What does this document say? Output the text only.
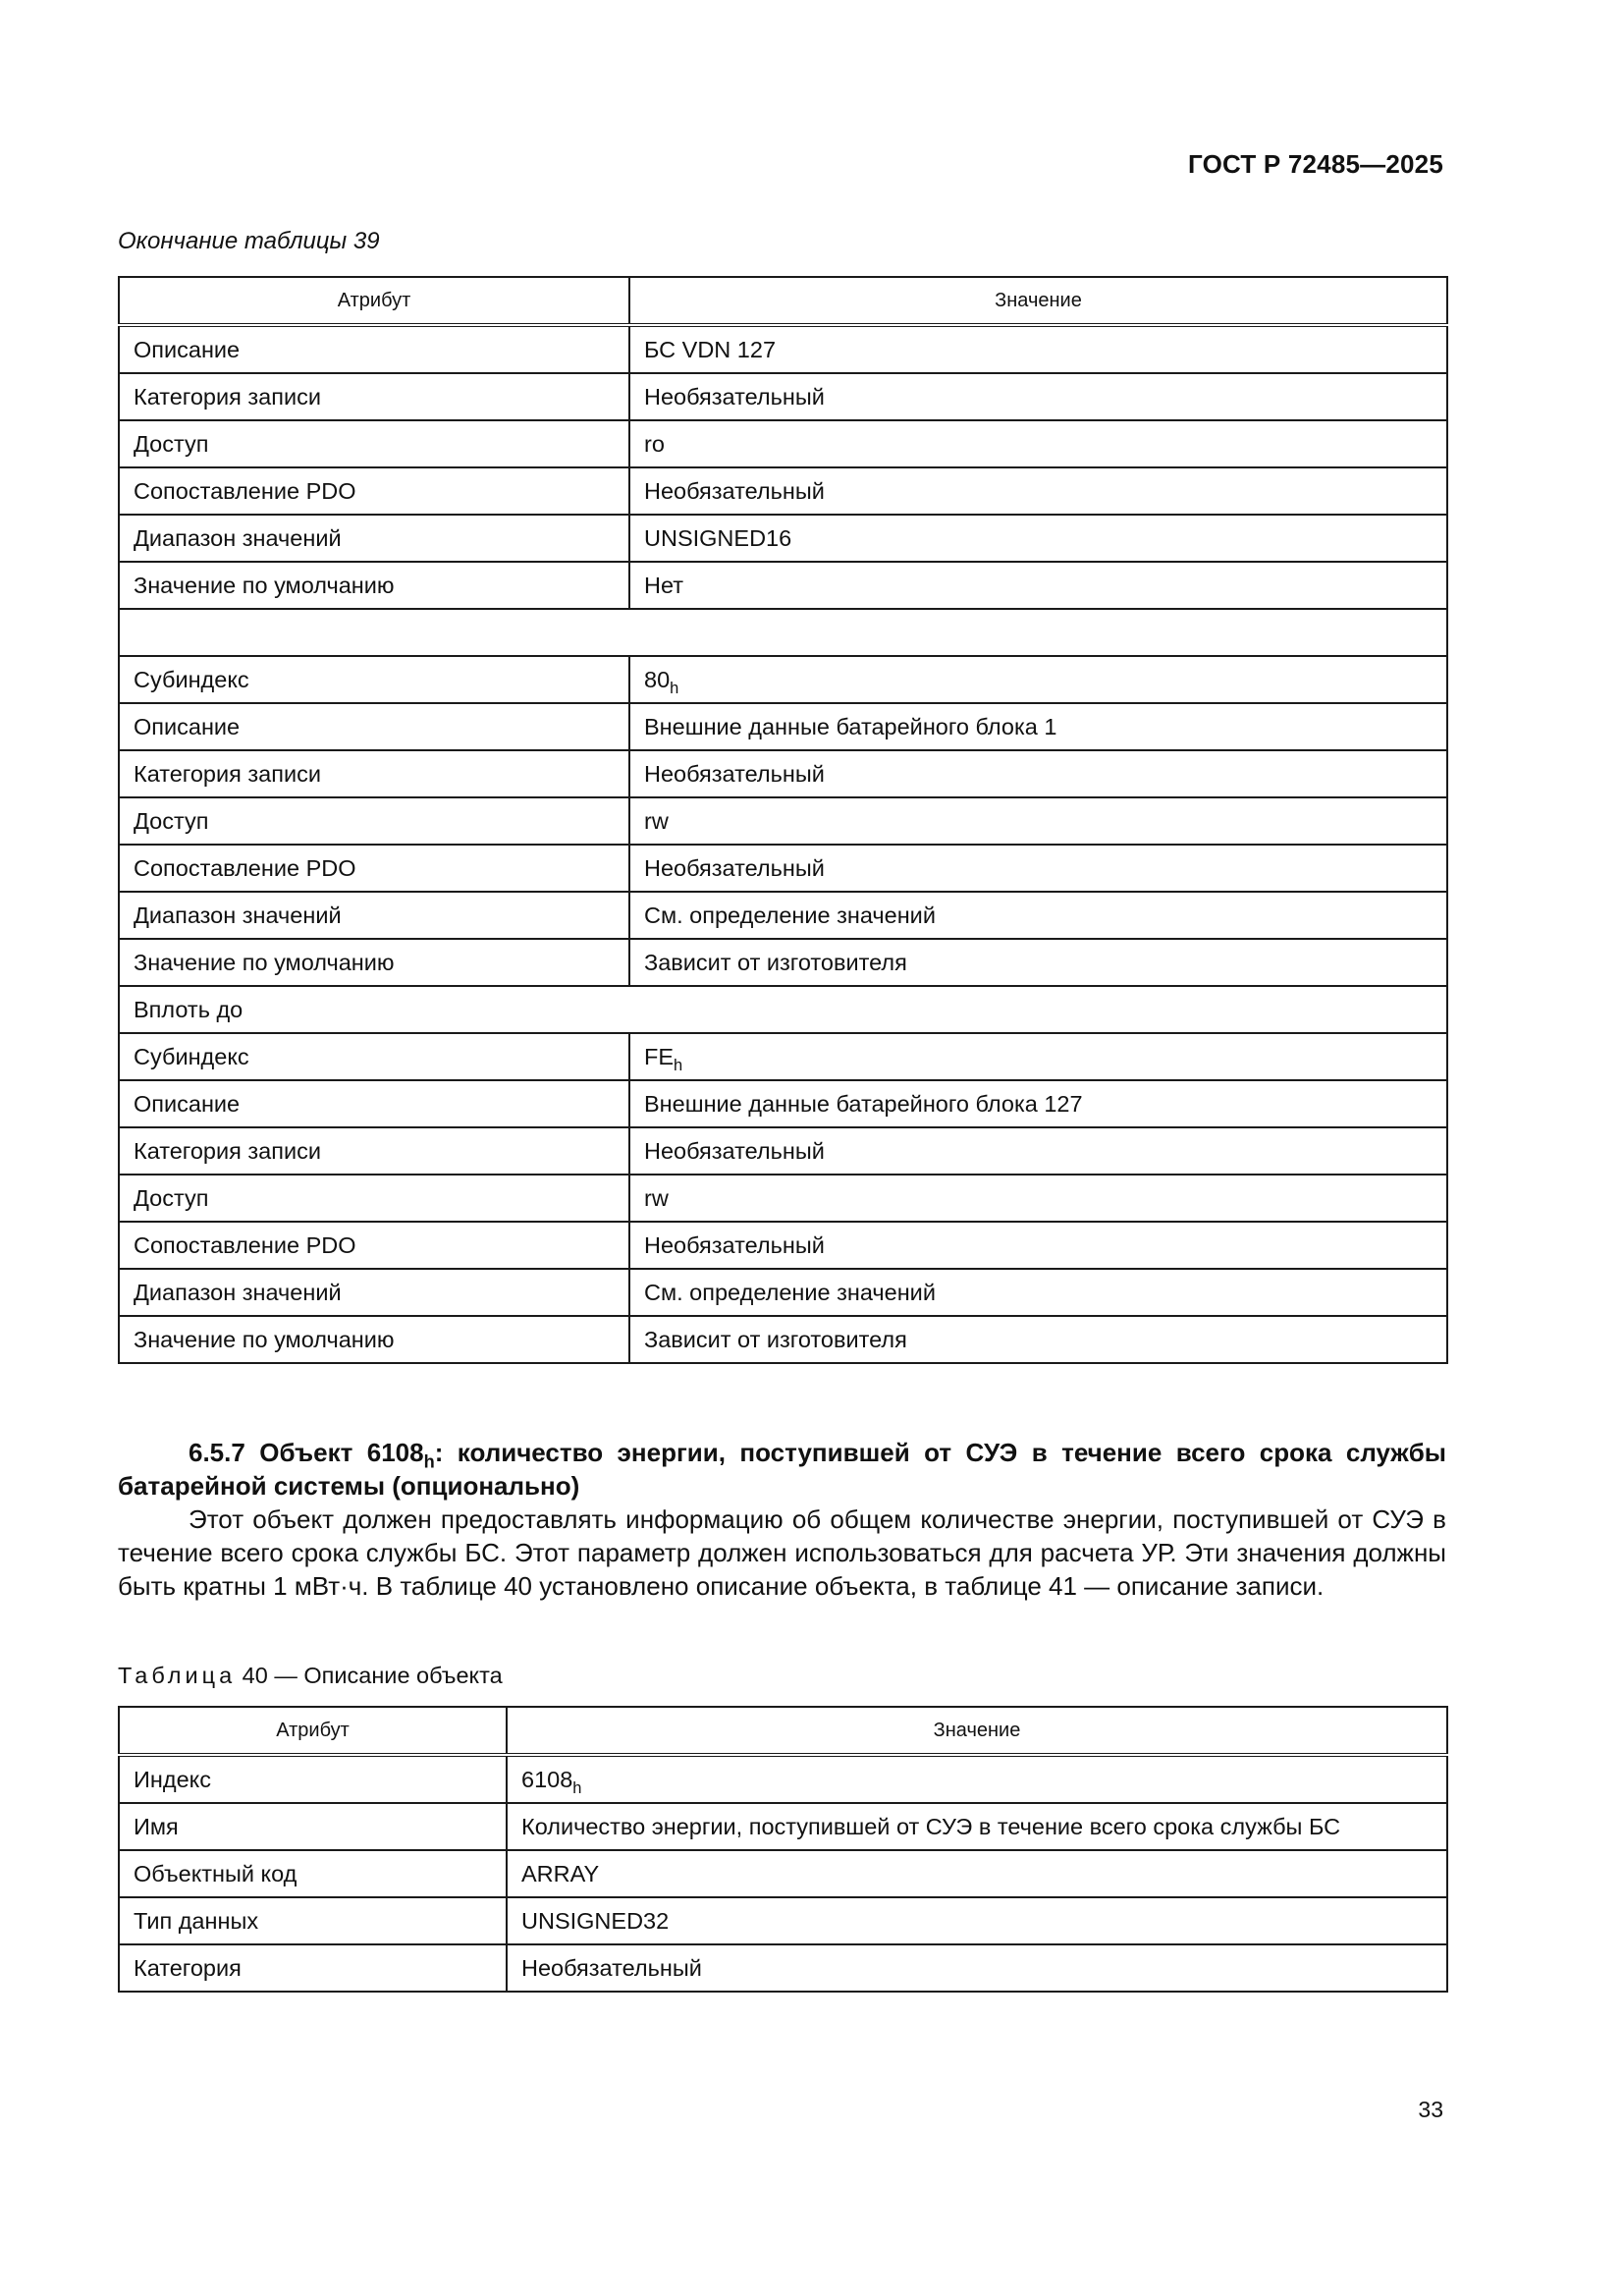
ГОСТ Р 72485—2025
Окончание таблицы 39
Атрибут	Значение
Описание	БС VDN 127
Категория записи	Необязательный
Доступ	ro
Сопоставление PDO	Необязательный
Диапазон значений	UNSIGNED16
Значение по умолчанию	Нет

Субиндекс	$80_h$
Описание	Внешние данные батарейного блока 1
Категория записи	Необязательный
Доступ	rw
Сопоставление PDO	Необязательный
Диапазон значений	См. определение значений
Значение по умолчанию	Зависит от изготовителя
Вплоть до	
Субиндекс	$FE_h$
Описание	Внешние данные батарейного блока 127
Категория записи	Необязательный
Доступ	rw
Сопоставление PDO	Необязательный
Диапазон значений	См. определение значений
Значение по умолчанию	Зависит от изготовителя

6.5.7 Объект $6108_h$: количество энергии, поступившей от СУЭ в течение всего срока службы батарейной системы (опционально)

Этот объект должен предоставлять информацию об общем количестве энергии, поступившей от СУЭ в течение всего срока службы БС. Этот параметр должен использоваться для расчета УР. Эти значения должны быть кратны 1 мВт·ч. В таблице 40 установлено описание объекта, в таблице 41 — описание записи.

Таблица 40 — Описание объекта
Атрибут	Значение
Индекс	$6108_h$
Имя	Количество энергии, поступившей от СУЭ в течение всего срока службы БС
Объектный код	ARRAY
Тип данных	UNSIGNED32
Категория	Необязательный
33
